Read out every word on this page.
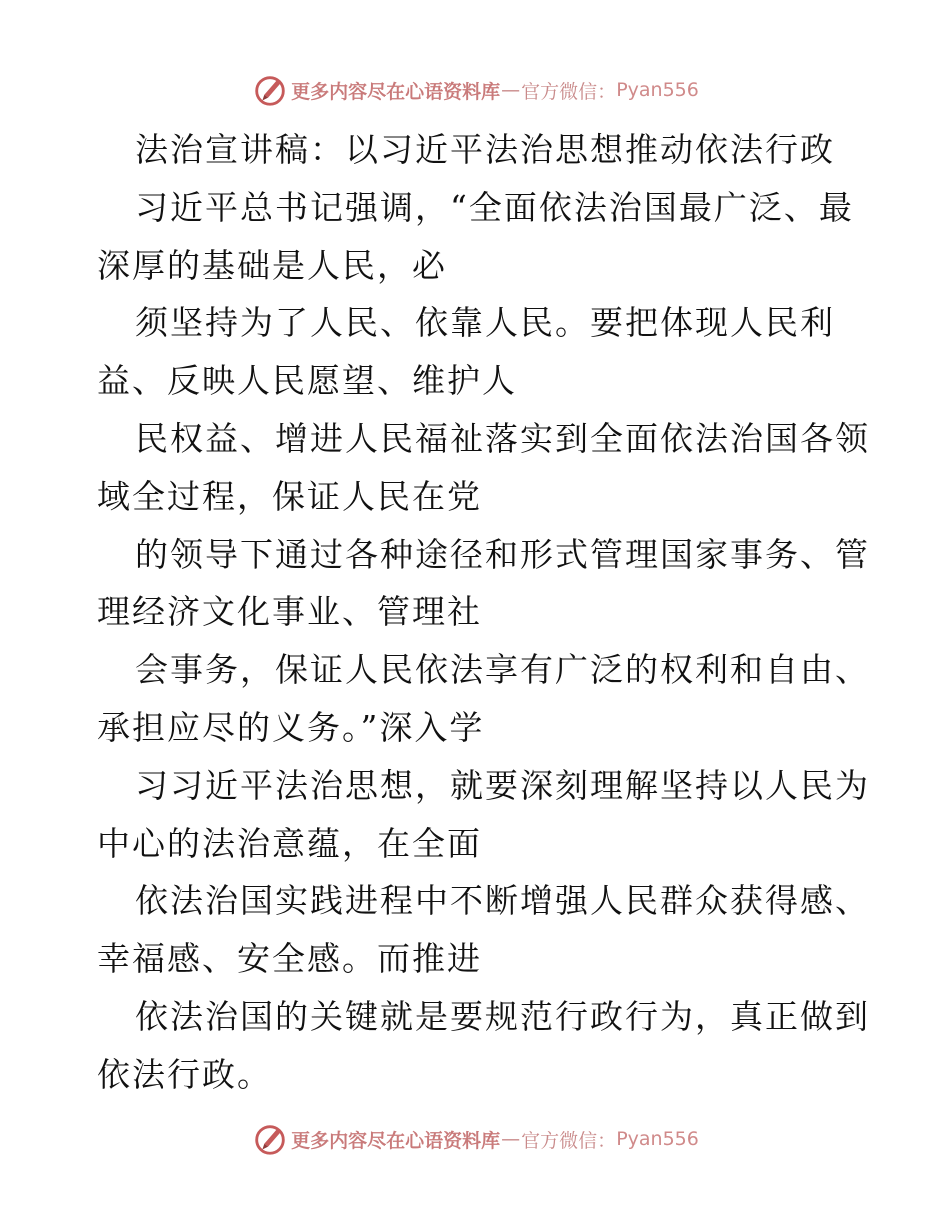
更多内容尽在心语资料库 — 官方微信： Pyan556
法治宣讲稿：以习近平法治思想推动依法行政
习近平总书记强调，“全面依法治国最广泛、最
深厚的基础是人民，必
须坚持为了人民、依靠人民。要把体现人民利
益、反映人民愿望、维护人
民权益、增进人民福祉落实到全面依法治国各领
域全过程，保证人民在党
的领导下通过各种途径和形式管理国家事务、管
理经济文化事业、管理社
会事务，保证人民依法享有广泛的权利和自由、
承担应尽的义务。”深入学
习习近平法治思想，就要深刻理解坚持以人民为
中心的法治意蕴，在全面
依法治国实践进程中不断增强人民群众获得感、
幸福感、安全感。而推进
依法治国的关键就是要规范行政行为，真正做到
依法行政。
更多内容尽在心语资料库 — 官方微信： Pyan556
